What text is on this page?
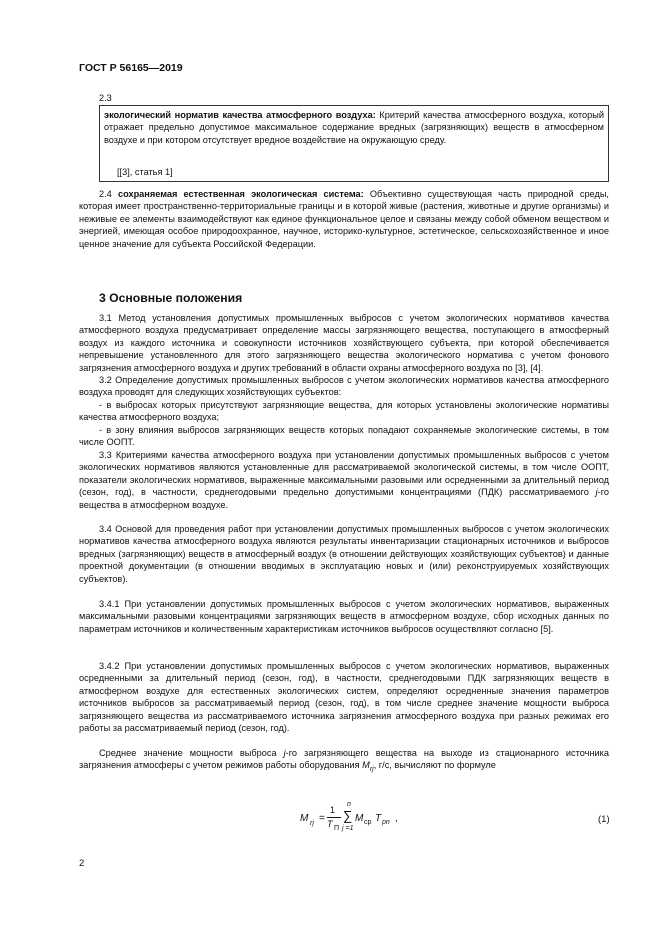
ГОСТ Р 56165—2019
2.3
экологический норматив качества атмосферного воздуха: Критерий качества атмосферного воздуха, который отражает предельно допустимое максимальное содержание вредных (загрязняющих) веществ в атмосферном воздухе и при котором отсутствует вредное воздействие на окружающую среду.
[[3], статья 1]
2.4 сохраняемая естественная экологическая система: Объективно существующая часть природной среды, которая имеет пространственно-территориальные границы и в которой живые (растения, животные и другие организмы) и неживые ее элементы взаимодействуют как единое функциональное целое и связаны между собой обменом веществом и энергией, имеющая особое природоохранное, научное, историко-культурное, эстетическое, сельскохозяйственное и иное ценное значение для субъекта Российской Федерации.
3 Основные положения
3.1 Метод установления допустимых промышленных выбросов с учетом экологических нормативов качества атмосферного воздуха предусматривает определение массы загрязняющего вещества, поступающего в атмосферный воздух из каждого источника и совокупности источников хозяйствующего субъекта, при которой обеспечивается непревышение установленного для этого загрязняющего вещества экологического норматива с учетом фонового загрязнения атмосферного воздуха и других требований в области охраны атмосферного воздуха по [3], [4].
3.2 Определение допустимых промышленных выбросов с учетом экологических нормативов качества атмосферного воздуха проводят для следующих хозяйствующих субъектов:
- в выбросах которых присутствуют загрязняющие вещества, для которых установлены экологические нормативы качества атмосферного воздуха;
- в зону влияния выбросов загрязняющих веществ которых попадают сохраняемые экологические системы, в том числе ООПТ.
3.3 Критериями качества атмосферного воздуха при установлении допустимых промышленных выбросов с учетом экологических нормативов являются установленные для рассматриваемой экологической системы, в том числе ООПТ, показатели экологических нормативов, выраженные максимальными разовыми или осредненными за длительный период (сезон, год), в частности, среднегодовыми предельно допустимыми концентрациями (ПДК) рассматриваемого j-го вещества в атмосферном воздухе.
3.4 Основой для проведения работ при установлении допустимых промышленных выбросов с учетом экологических нормативов качества атмосферного воздуха являются результаты инвентаризации стационарных источников и выбросов вредных (загрязняющих) веществ в атмосферный воздух (в отношении действующих хозяйствующих субъектов) и данные проектной документации (в отношении вводимых в эксплуатацию новых и (или) реконструируемых хозяйствующих субъектов).
3.4.1 При установлении допустимых промышленных выбросов с учетом экологических нормативов, выраженных максимальными разовыми концентрациями загрязняющих веществ в атмосферном воздухе, сбор исходных данных по параметрам источников и количественным характеристикам источников выбросов осуществляют согласно [5].
3.4.2 При установлении допустимых промышленных выбросов с учетом экологических нормативов, выраженных осредненными за длительный период (сезон, год), в частности, среднегодовыми ПДК загрязняющих веществ в атмосферном воздухе для естественных экологических систем, определяют осредненные значения параметров источников выбросов за рассматриваемый период (сезон, год), в том числе среднее значение мощности выброса загрязняющего вещества из рассматриваемого источника загрязнения атмосферного воздуха при разных режимах его работы за рассматриваемый период (сезон, год).
Среднее значение мощности выброса j-го загрязняющего вещества на выходе из стационарного источника загрязнения атмосферы с учетом режимов работы оборудования $M_{rj}$, г/с, вычисляют по формуле
M rj =
1
T П
n
∑
j =1
M ср T pn ,	(1)
2
